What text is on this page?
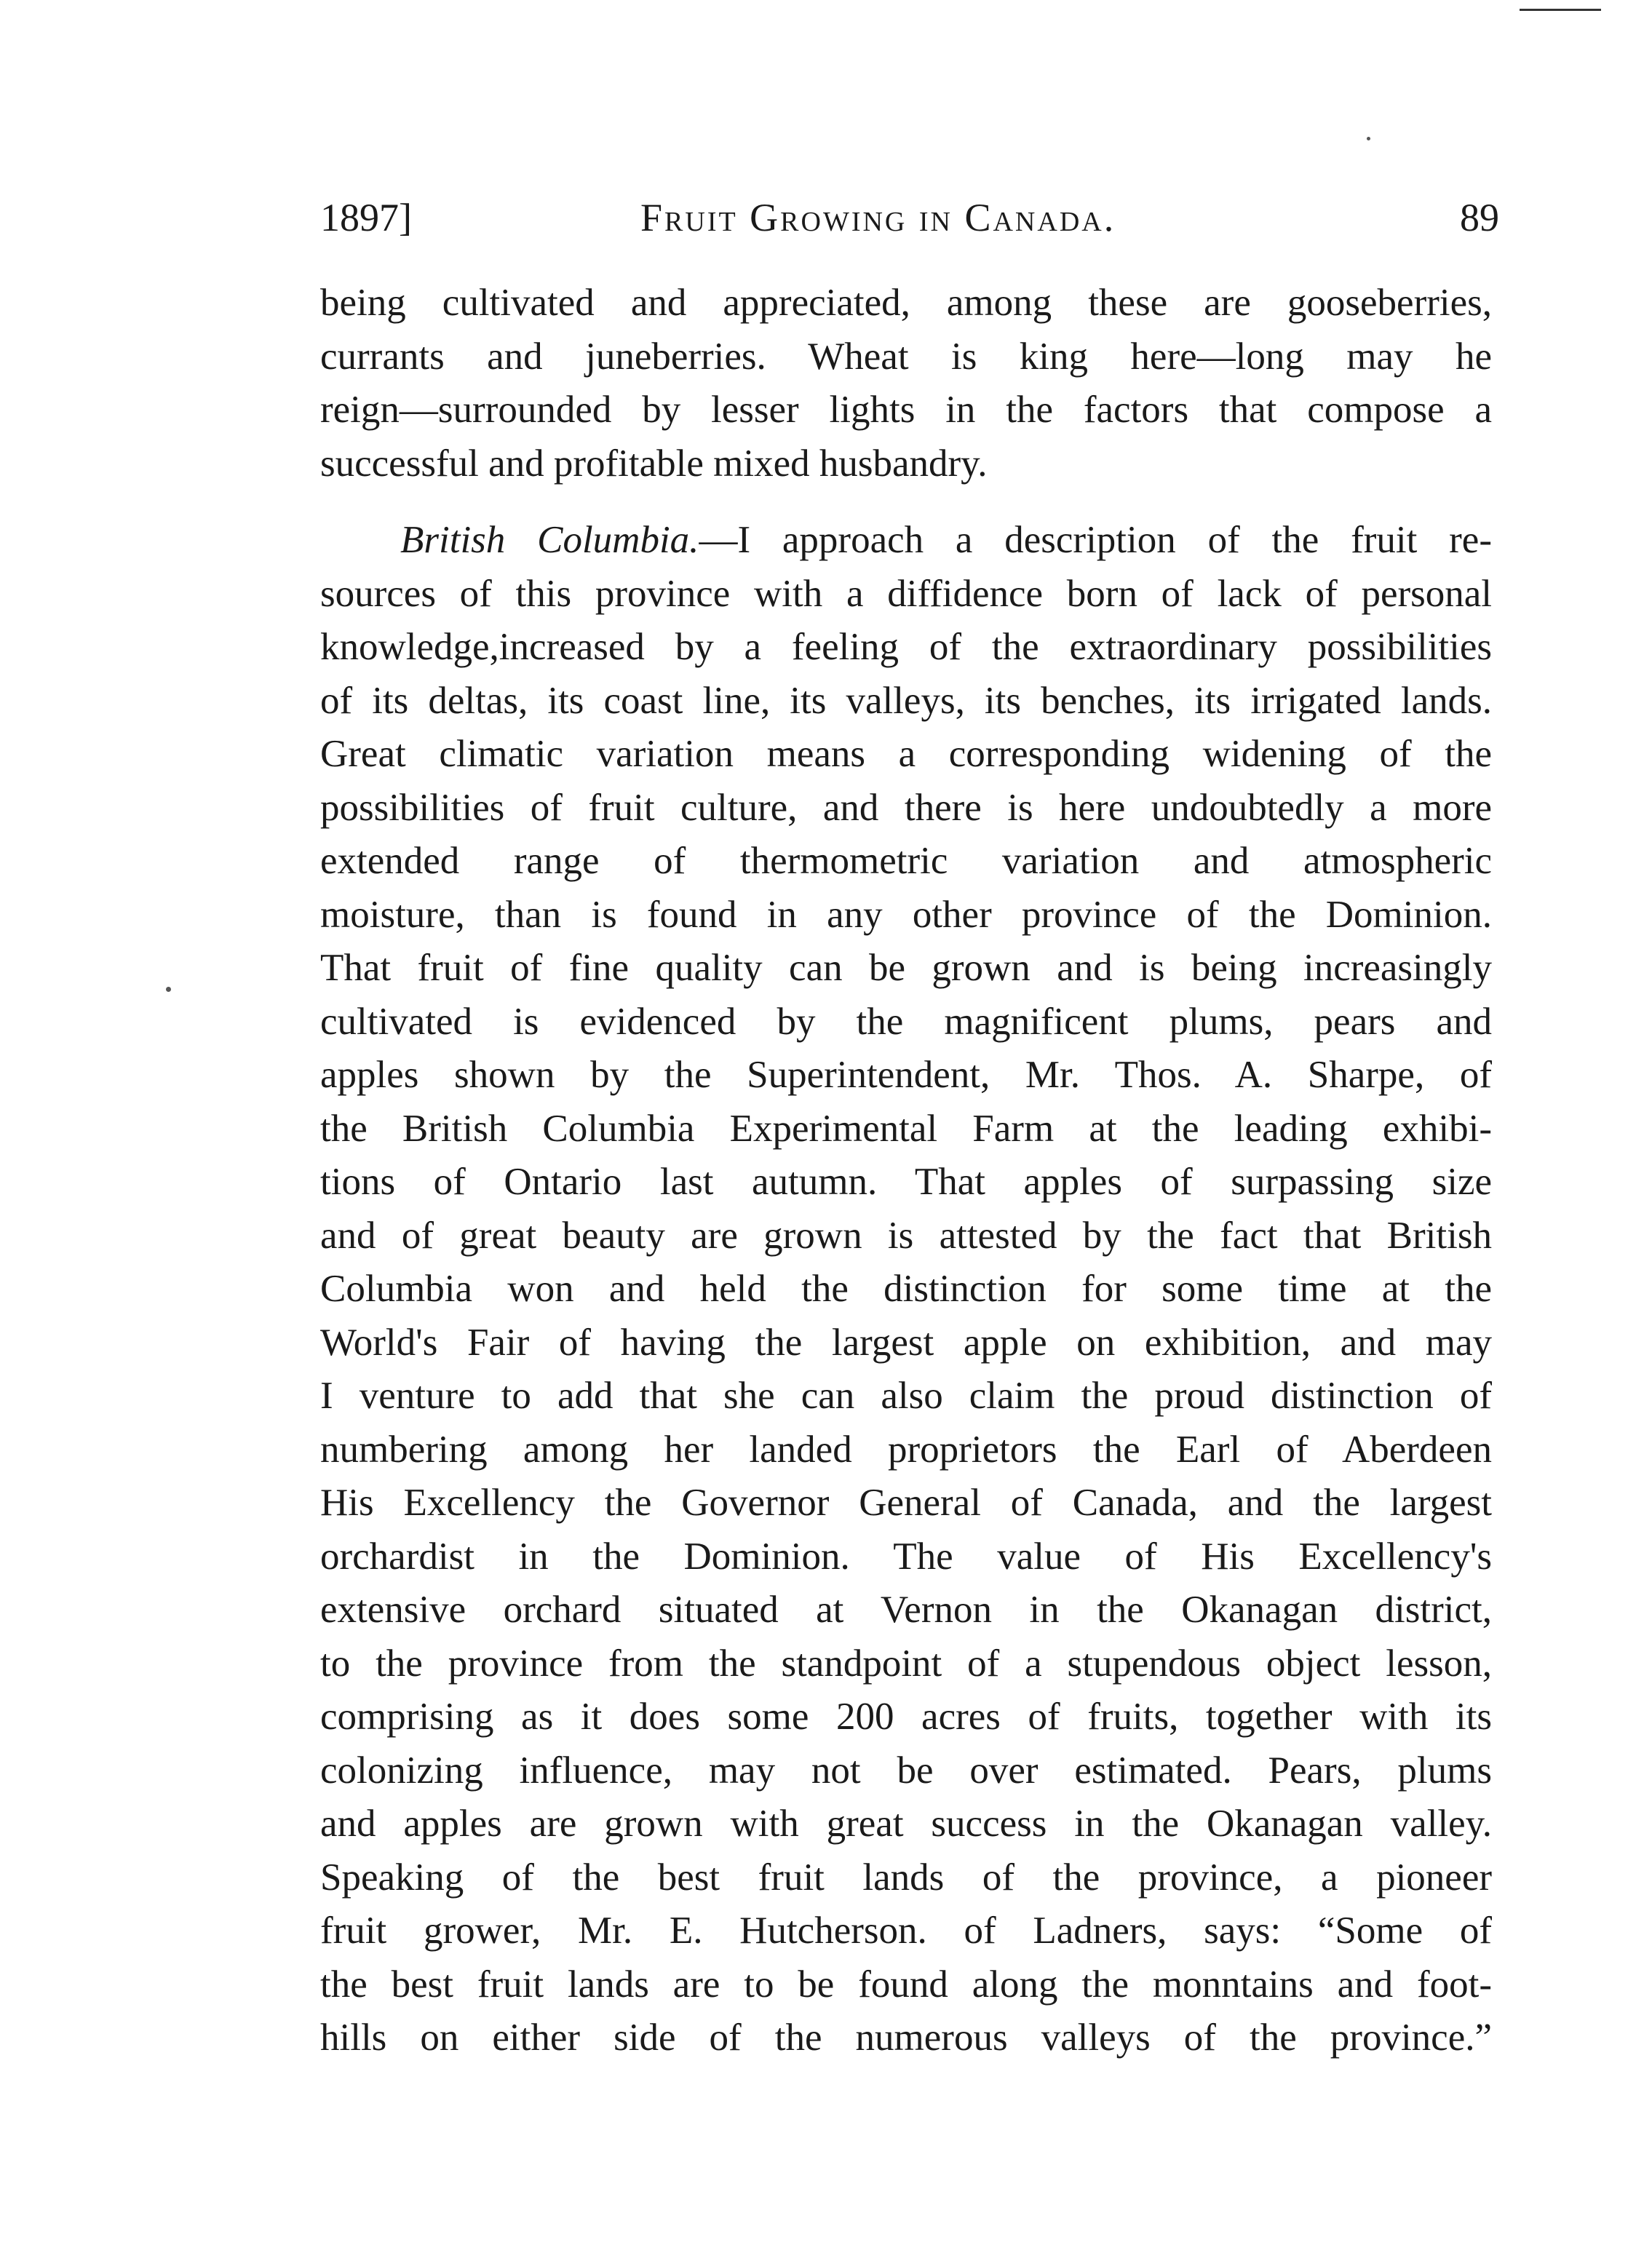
1897]	Fruit Growing in Canada.	89
being cultivated and appreciated, among these are gooseberries,
currants and juneberries. Wheat is king here—long may he
reign—surrounded by lesser lights in the factors that compose a
successful and profitable mixed husbandry.
British Columbia.—I approach a description of the fruit re-
sources of this province with a diffidence born of lack of personal
knowledge,increased by a feeling of the extraordinary possibilities
of its deltas, its coast line, its valleys, its benches, its irrigated lands.
Great climatic variation means a corresponding widening of the
possibilities of fruit culture, and there is here undoubtedly a more
extended range of thermometric variation and atmospheric
moisture, than is found in any other province of the Dominion.
That fruit of fine quality can be grown and is being increasingly
cultivated is evidenced by the magnificent plums, pears and
apples shown by the Superintendent, Mr. Thos. A. Sharpe, of
the British Columbia Experimental Farm at the leading exhibi-
tions of Ontario last autumn. That apples of surpassing size
and of great beauty are grown is attested by the fact that British
Columbia won and held the distinction for some time at the
World's Fair of having the largest apple on exhibition, and may
I venture to add that she can also claim the proud distinction of
numbering among her landed proprietors the Earl of Aberdeen
His Excellency the Governor General of Canada, and the largest
orchardist in the Dominion. The value of His Excellency's
extensive orchard situated at Vernon in the Okanagan district,
to the province from the standpoint of a stupendous object lesson,
comprising as it does some 200 acres of fruits, together with its
colonizing influence, may not be over estimated. Pears, plums
and apples are grown with great success in the Okanagan valley.
Speaking of the best fruit lands of the province, a pioneer
fruit grower, Mr. E. Hutcherson. of Ladners, says: “Some of
the best fruit lands are to be found along the monntains and foot-
hills on either side of the numerous valleys of the province.”
